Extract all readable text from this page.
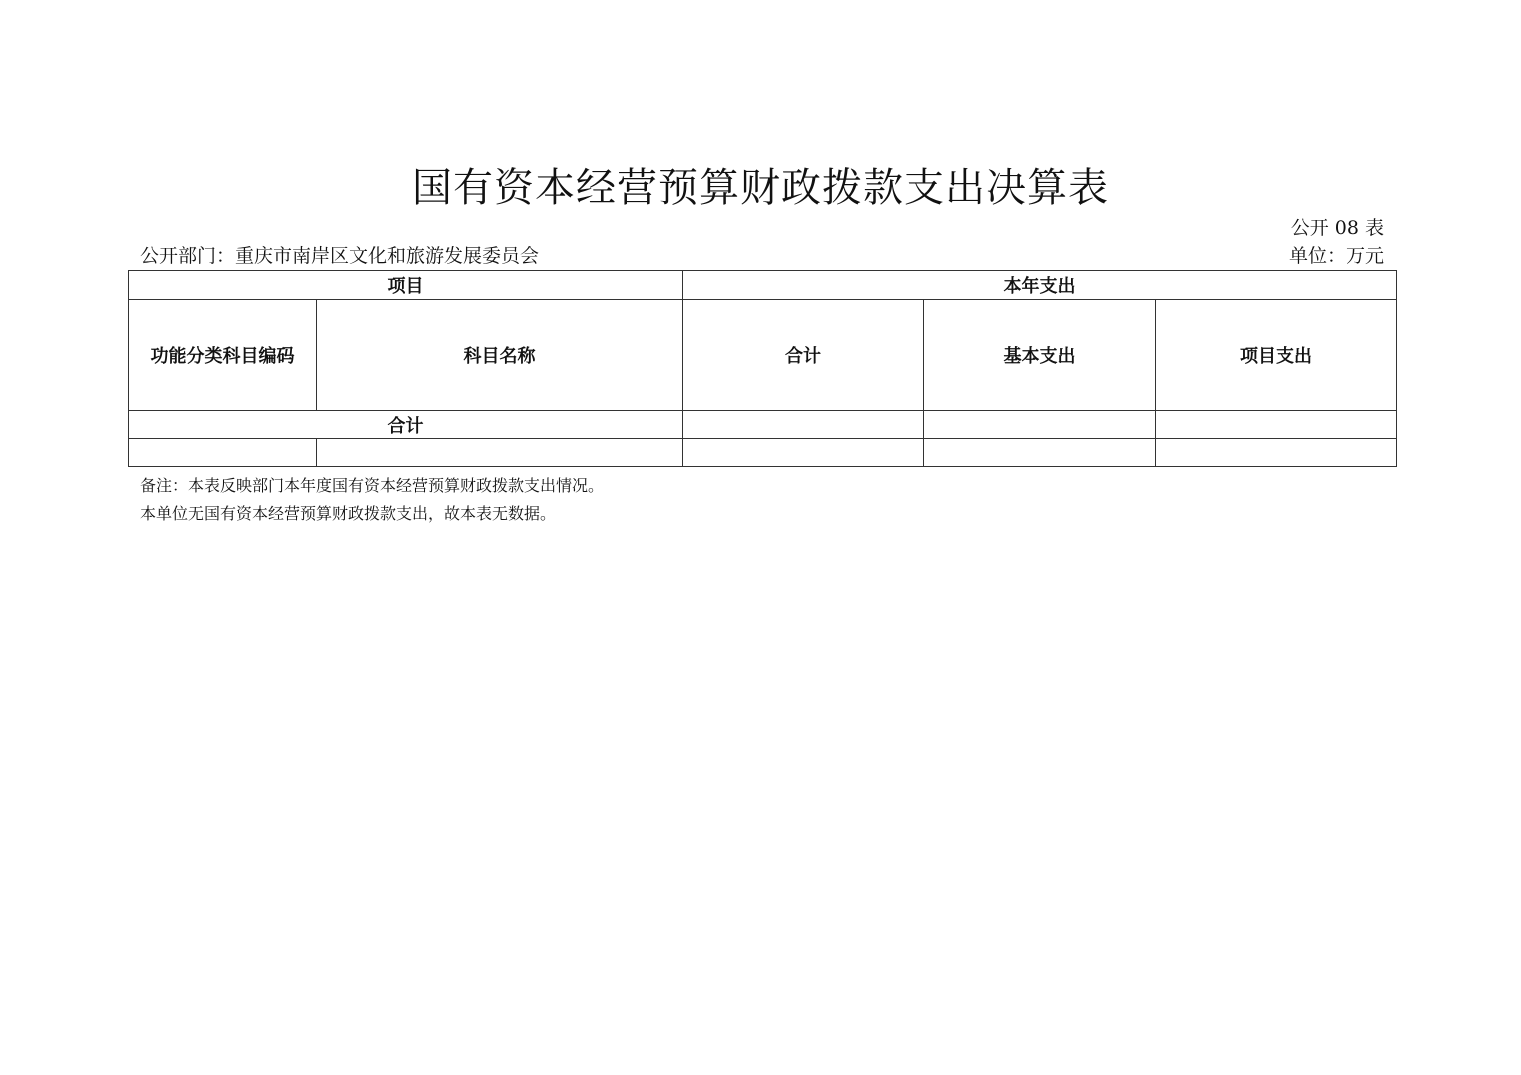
国有资本经营预算财政拨款支出决算表
公开 08 表
公开部门：重庆市南岸区文化和旅游发展委员会	单位：万元
项目		本年支出		
功能分类科目编码	科目名称	合计	基本支出	项目支出
合计				

备注：本表反映部门本年度国有资本经营预算财政拨款支出情况。
本单位无国有资本经营预算财政拨款支出，故本表无数据。
